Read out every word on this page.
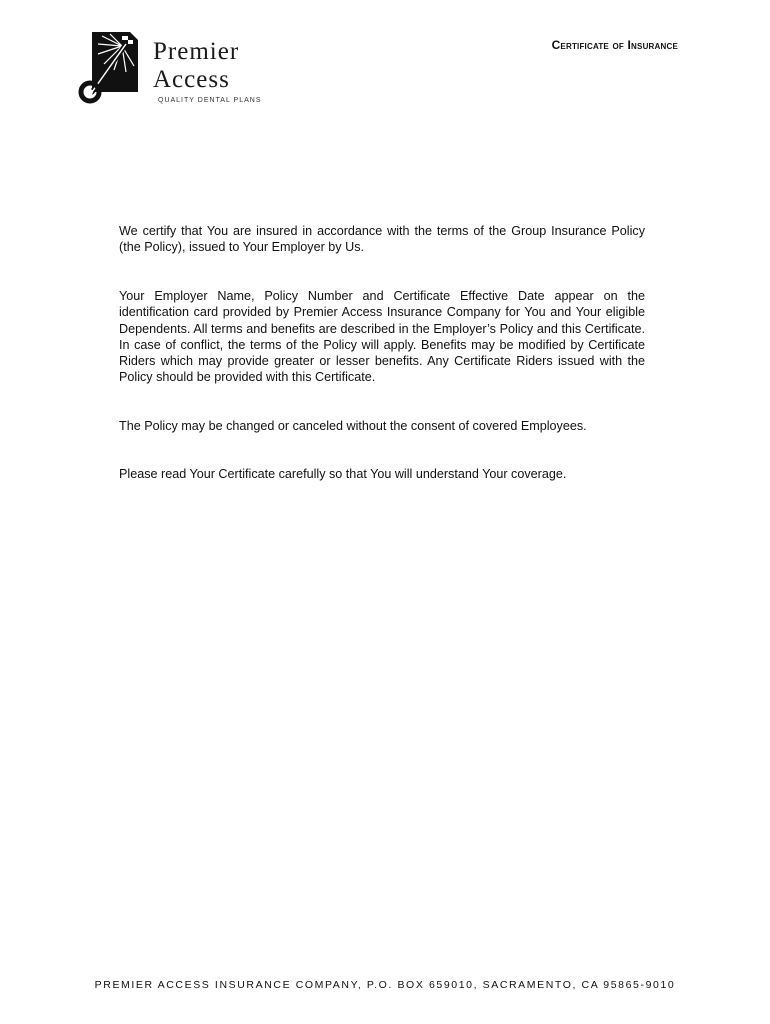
Premier
Access
QUALITY DENTAL PLANS
Certificate of Insurance

We certify that You are insured in accordance with the terms of the Group Insurance Policy (the Policy), issued to Your Employer by Us.

Your Employer Name, Policy Number and Certificate Effective Date appear on the identification card provided by Premier Access Insurance Company for You and Your eligible Dependents. All terms and benefits are described in the Employer’s Policy and this Certificate. In case of conflict, the terms of the Policy will apply. Benefits may be modified by Certificate Riders which may provide greater or lesser benefits. Any Certificate Riders issued with the Policy should be provided with this Certificate.

The Policy may be changed or canceled without the consent of covered Employees.

Please read Your Certificate carefully so that You will understand Your coverage.

PREMIER ACCESS INSURANCE COMPANY, P.O. BOX 659010, SACRAMENTO, CA 95865-9010
